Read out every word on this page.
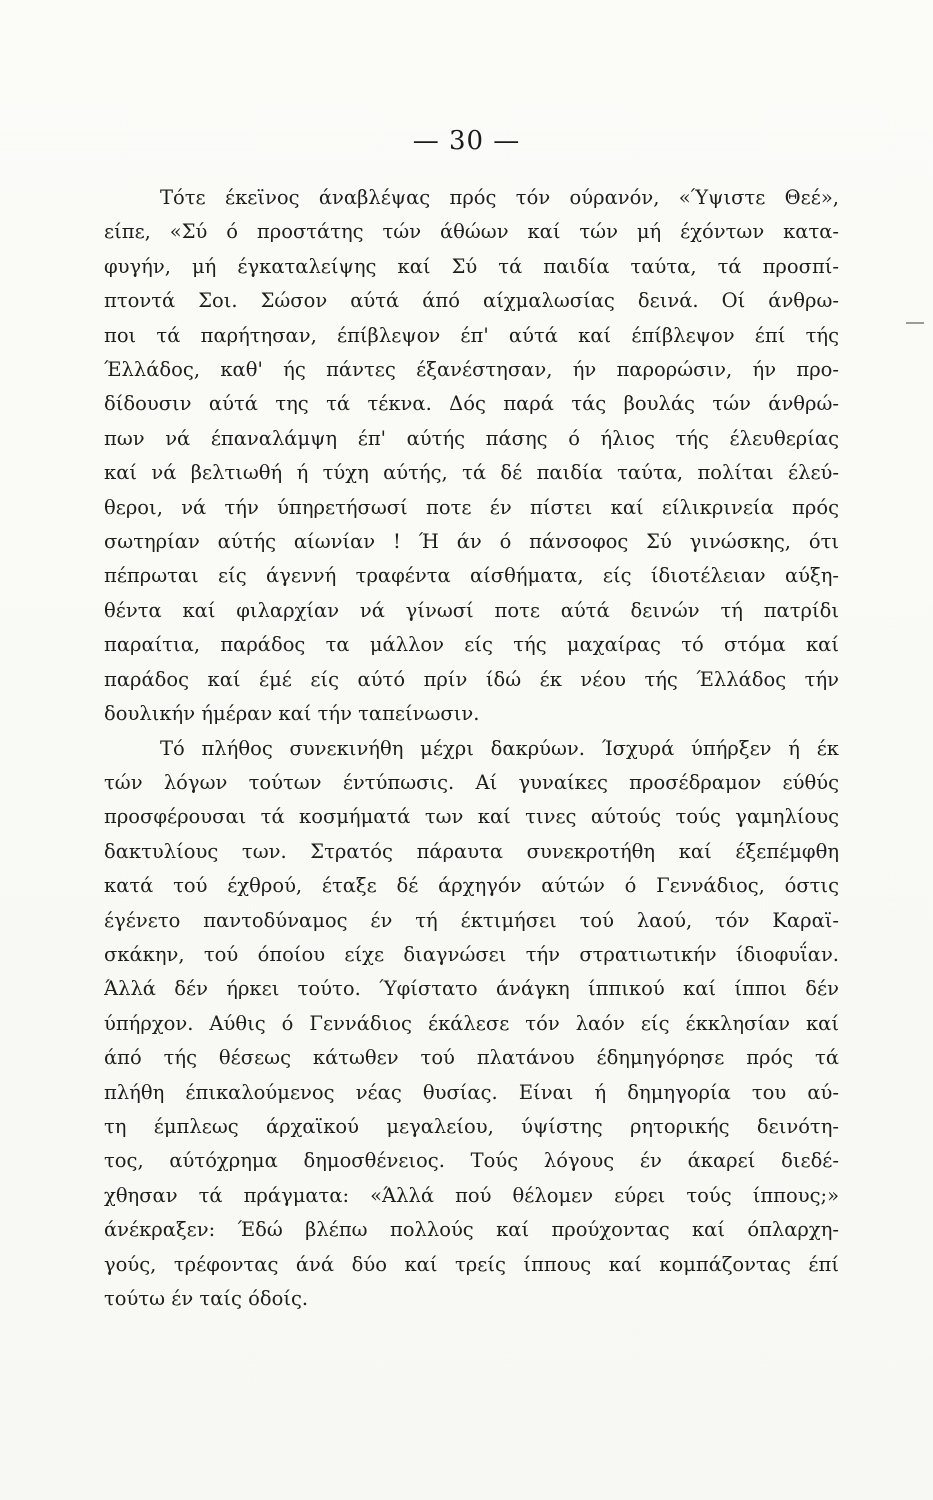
— 30 —
Τότε έκεϊνος άναβλέψας πρός τόν ούρανόν, «Ύψιστε Θεέ»,
είπε, «Σύ ό προστάτης τών άθώων καί τών μή έχόντων κατα-
φυγήν, μή έγκαταλείψης καί Σύ τά παιδία ταύτα, τά προσπί-
πτοντά Σοι. Σώσον αύτά άπό αίχμαλωσίας δεινά. Οί άνθρω-
ποι τά παρήτησαν, έπίβλεψον έπ' αύτά καί έπίβλεψον έπί τής
Έλλάδος, καθ' ής πάντες έξανέστησαν, ήν παρορώσιν, ήν προ-
δίδουσιν αύτά της τά τέκνα. Δός παρά τάς βουλάς τών άνθρώ-
πων νά έπαναλάμψη έπ' αύτής πάσης ό ήλιος τής έλευθερίας
καί νά βελτιωθή ή τύχη αύτής, τά δέ παιδία ταύτα, πολίται έλεύ-
θεροι, νά τήν ύπηρετήσωσί ποτε έν πίστει καί είλικρινεία πρός
σωτηρίαν αύτής αίωνίαν ! Ή άν ό πάνσοφος Σύ γινώσκης, ότι
πέπρωται είς άγεννή τραφέντα αίσθήματα, είς ίδιοτέλειαν αύξη-
θέντα καί φιλαρχίαν νά γίνωσί ποτε αύτά δεινών τή πατρίδι
παραίτια, παράδος τα μάλλον είς τής μαχαίρας τό στόμα καί
παράδος καί έμέ είς αύτό πρίν ίδώ έκ νέου τής Έλλάδος τήν
δουλικήν ήμέραν καί τήν ταπείνωσιν.
Τό πλήθος συνεκινήθη μέχρι δακρύων. Ίσχυρά ύπήρξεν ή έκ
τών λόγων τούτων έντύπωσις. Αί γυναίκες προσέδραμον εύθύς
προσφέρουσαι τά κοσμήματά των καί τινες αύτούς τούς γαμηλίους
δακτυλίους των. Στρατός πάραυτα συνεκροτήθη καί έξεπέμφθη
κατά τού έχθρού, έταξε δέ άρχηγόν αύτών ό Γεννάδιος, όστις
έγένετο παντοδύναμος έν τή έκτιμήσει τού λαού, τόν Καραϊ-
σκάκην, τού όποίου είχε διαγνώσει τήν στρατιωτικήν ίδιοφυΐαν.
Άλλά δέν ήρκει τούτο. Ύφίστατο άνάγκη ίππικού καί ίπποι δέν
ύπήρχον. Αύθις ό Γεννάδιος έκάλεσε τόν λαόν είς έκκλησίαν καί
άπό τής θέσεως κάτωθεν τού πλατάνου έδημηγόρησε πρός τά
πλήθη έπικαλούμενος νέας θυσίας. Είναι ή δημηγορία του αύ-
τη έμπλεως άρχαϊκού μεγαλείου, ύψίστης ρητορικής δεινότη-
τος, αύτόχρημα δημοσθένειος. Τούς λόγους έν άκαρεί διεδέ-
χθησαν τά πράγματα: «Άλλά πού θέλομεν εύρει τούς ίππους;»
άνέκραξεν: Έδώ βλέπω πολλούς καί προύχοντας καί όπλαρχη-
γούς, τρέφοντας άνά δύο καί τρείς ίππους καί κομπάζοντας έπί
τούτω έν ταίς όδοίς.
